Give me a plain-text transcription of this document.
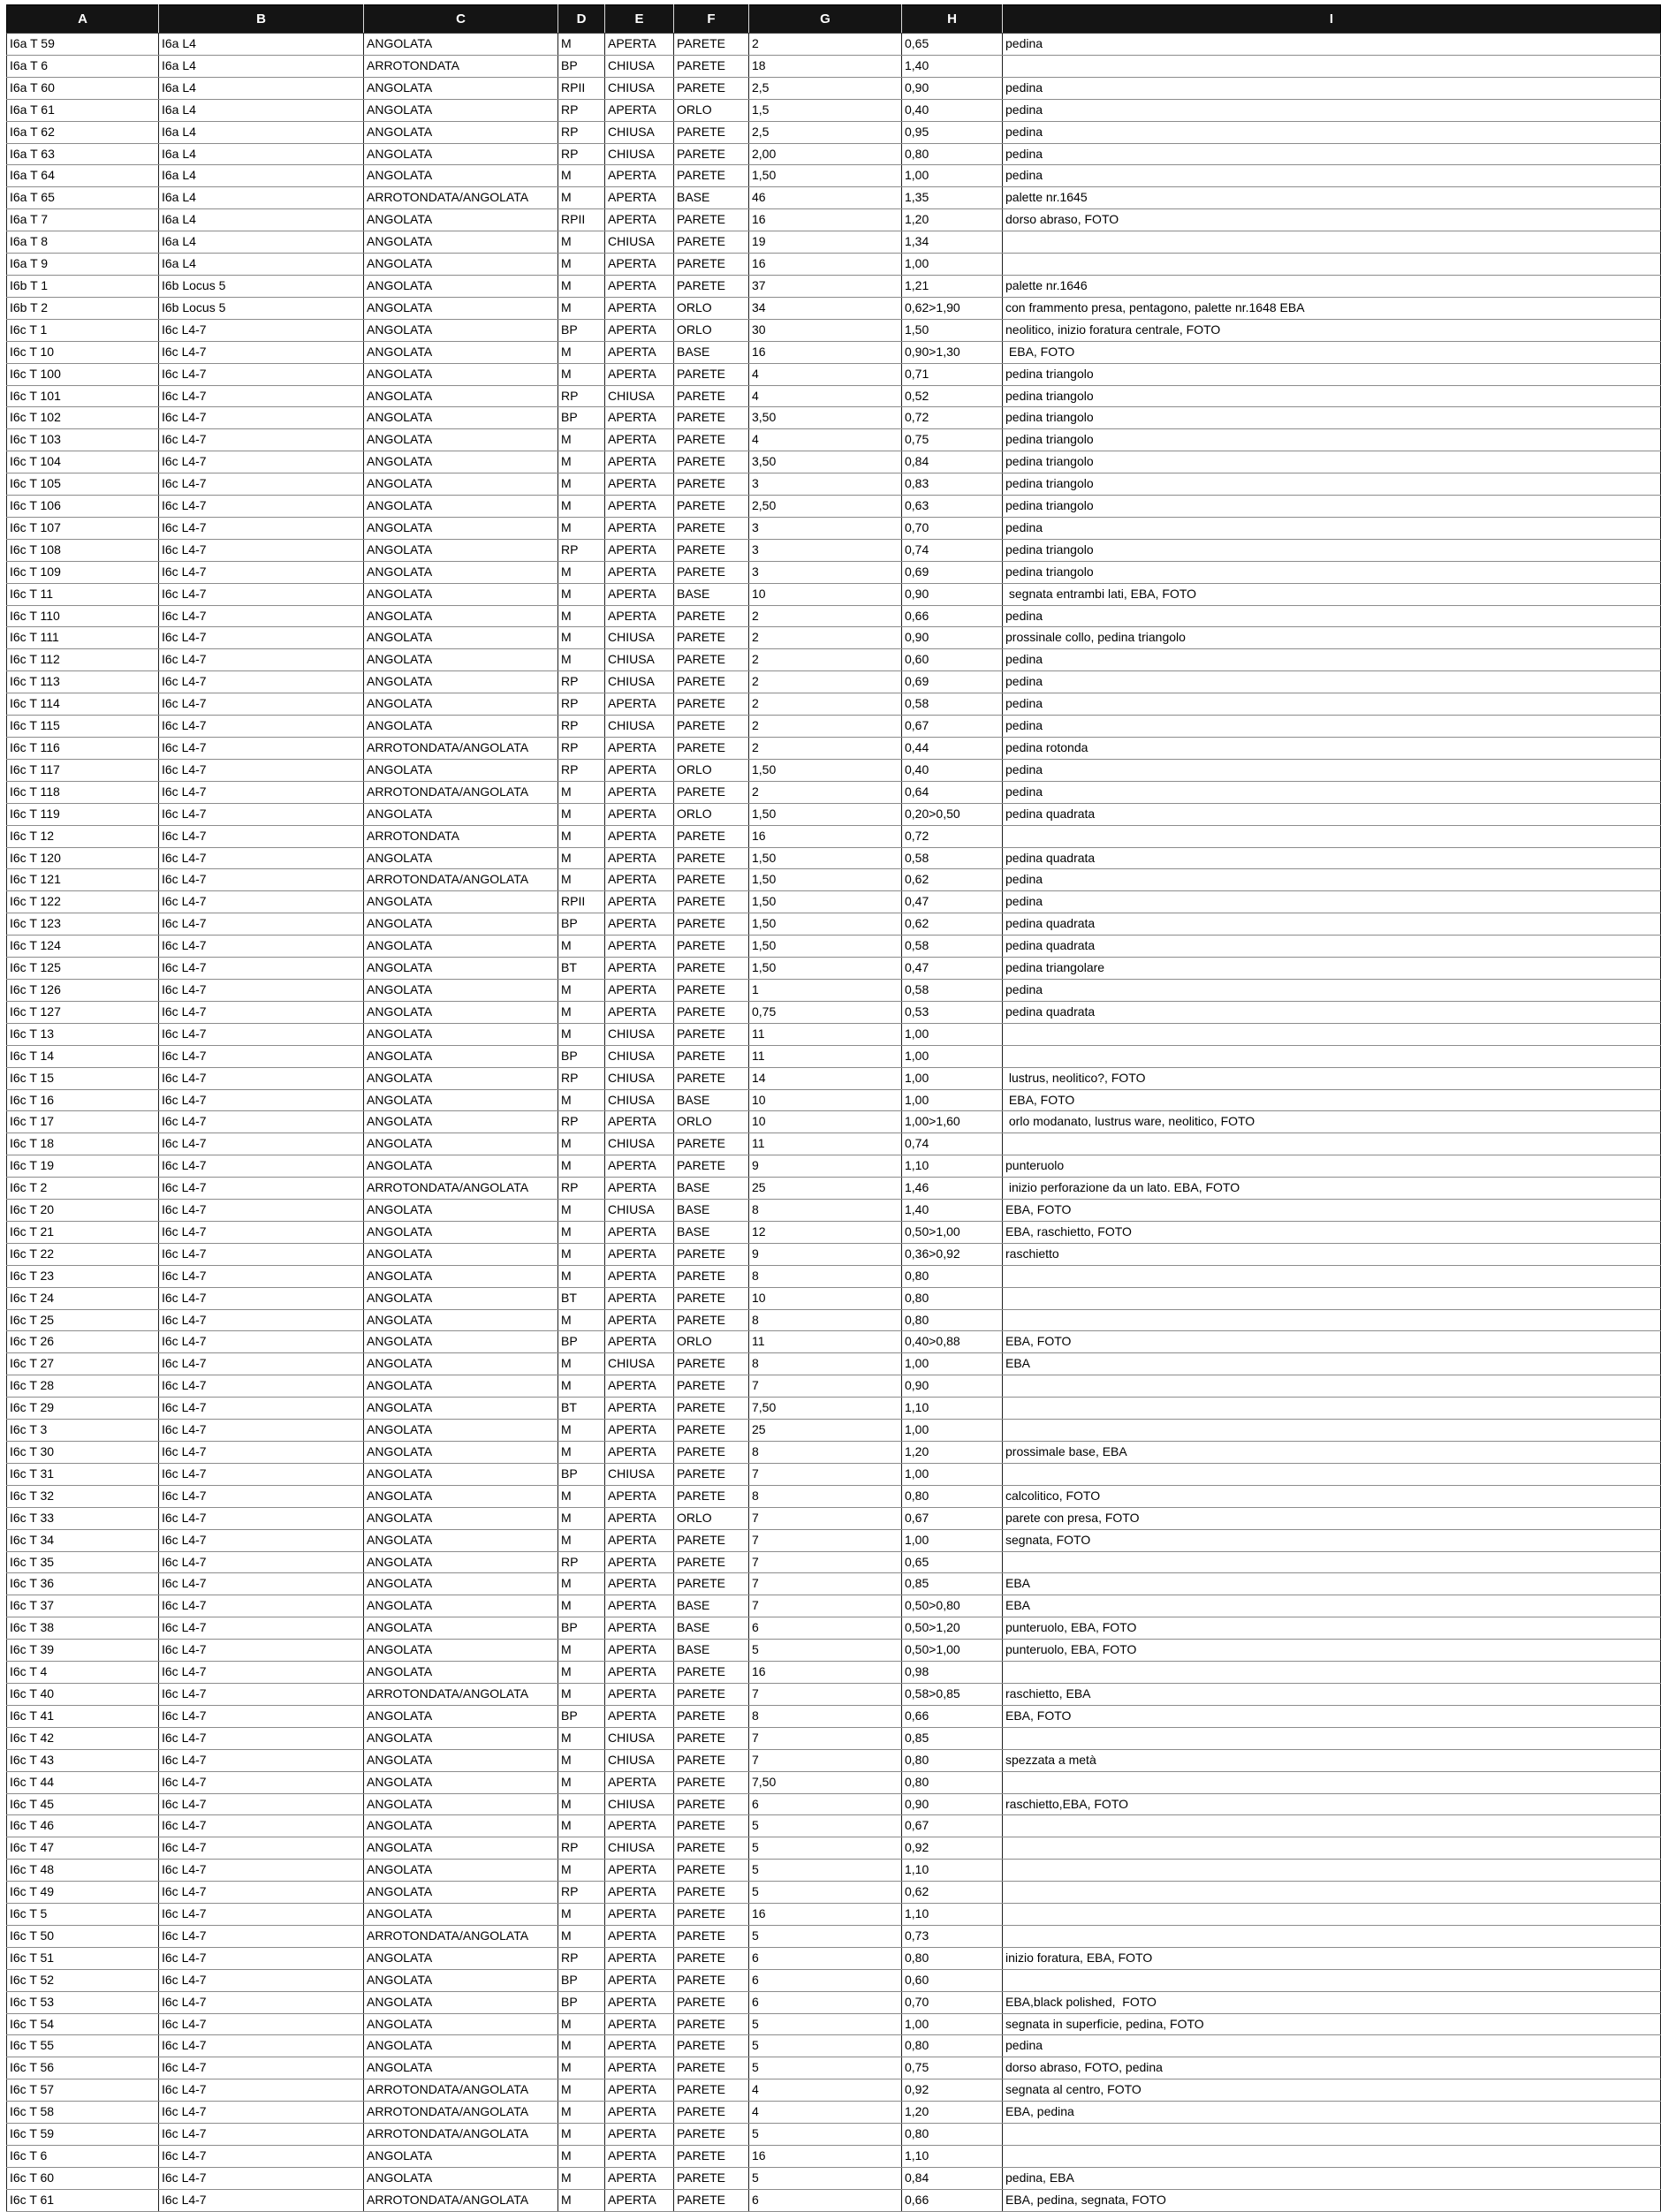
A	B	C	D	E	F	G	H	I
I6a T 59	I6a L4	ANGOLATA	M	APERTA	PARETE	2	0,65	pedina
I6a T 6	I6a L4	ARROTONDATA	BP	CHIUSA	PARETE	18	1,40	
I6a T 60	I6a L4	ANGOLATA	RPII	CHIUSA	PARETE	2,5	0,90	pedina
I6a T 61	I6a L4	ANGOLATA	RP	APERTA	ORLO	1,5	0,40	pedina
I6a T 62	I6a L4	ANGOLATA	RP	CHIUSA	PARETE	2,5	0,95	pedina
I6a T 63	I6a L4	ANGOLATA	RP	CHIUSA	PARETE	2,00	0,80	pedina
I6a T 64	I6a L4	ANGOLATA	M	APERTA	PARETE	1,50	1,00	pedina
I6a T 65	I6a L4	ARROTONDATA/ANGOLATA	M	APERTA	BASE	46	1,35	palette nr.1645
I6a T 7	I6a L4	ANGOLATA	RPII	APERTA	PARETE	16	1,20	dorso abraso, FOTO
I6a T 8	I6a L4	ANGOLATA	M	CHIUSA	PARETE	19	1,34	
I6a T 9	I6a L4	ANGOLATA	M	APERTA	PARETE	16	1,00	
I6b T 1	I6b Locus 5	ANGOLATA	M	APERTA	PARETE	37	1,21	palette nr.1646
I6b T 2	I6b Locus 5	ANGOLATA	M	APERTA	ORLO	34	0,62>1,90	con frammento presa, pentagono, palette nr.1648 EBA
I6c T 1	I6c L4-7	ANGOLATA	BP	APERTA	ORLO	30	1,50	neolitico, inizio foratura centrale, FOTO
I6c T 10	I6c L4-7	ANGOLATA	M	APERTA	BASE	16	0,90>1,30	EBA, FOTO
I6c T 100	I6c L4-7	ANGOLATA	M	APERTA	PARETE	4	0,71	pedina triangolo
I6c T 101	I6c L4-7	ANGOLATA	RP	CHIUSA	PARETE	4	0,52	pedina triangolo
I6c T 102	I6c L4-7	ANGOLATA	BP	APERTA	PARETE	3,50	0,72	pedina triangolo
I6c T 103	I6c L4-7	ANGOLATA	M	APERTA	PARETE	4	0,75	pedina triangolo
I6c T 104	I6c L4-7	ANGOLATA	M	APERTA	PARETE	3,50	0,84	pedina triangolo
I6c T 105	I6c L4-7	ANGOLATA	M	APERTA	PARETE	3	0,83	pedina triangolo
I6c T 106	I6c L4-7	ANGOLATA	M	APERTA	PARETE	2,50	0,63	pedina triangolo
I6c T 107	I6c L4-7	ANGOLATA	M	APERTA	PARETE	3	0,70	pedina
I6c T 108	I6c L4-7	ANGOLATA	RP	APERTA	PARETE	3	0,74	pedina triangolo
I6c T 109	I6c L4-7	ANGOLATA	M	APERTA	PARETE	3	0,69	pedina triangolo
I6c T 11	I6c L4-7	ANGOLATA	M	APERTA	BASE	10	0,90	segnata entrambi lati, EBA, FOTO
I6c T 110	I6c L4-7	ANGOLATA	M	APERTA	PARETE	2	0,66	pedina
I6c T 111	I6c L4-7	ANGOLATA	M	CHIUSA	PARETE	2	0,90	prossinale collo, pedina triangolo
I6c T 112	I6c L4-7	ANGOLATA	M	CHIUSA	PARETE	2	0,60	pedina
I6c T 113	I6c L4-7	ANGOLATA	RP	CHIUSA	PARETE	2	0,69	pedina
I6c T 114	I6c L4-7	ANGOLATA	RP	APERTA	PARETE	2	0,58	pedina
I6c T 115	I6c L4-7	ANGOLATA	RP	CHIUSA	PARETE	2	0,67	pedina
I6c T 116	I6c L4-7	ARROTONDATA/ANGOLATA	RP	APERTA	PARETE	2	0,44	pedina rotonda
I6c T 117	I6c L4-7	ANGOLATA	RP	APERTA	ORLO	1,50	0,40	pedina
I6c T 118	I6c L4-7	ARROTONDATA/ANGOLATA	M	APERTA	PARETE	2	0,64	pedina
I6c T 119	I6c L4-7	ANGOLATA	M	APERTA	ORLO	1,50	0,20>0,50	pedina quadrata
I6c T 12	I6c L4-7	ARROTONDATA	M	APERTA	PARETE	16	0,72	
I6c T 120	I6c L4-7	ANGOLATA	M	APERTA	PARETE	1,50	0,58	pedina quadrata
I6c T 121	I6c L4-7	ARROTONDATA/ANGOLATA	M	APERTA	PARETE	1,50	0,62	pedina
I6c T 122	I6c L4-7	ANGOLATA	RPII	APERTA	PARETE	1,50	0,47	pedina
I6c T 123	I6c L4-7	ANGOLATA	BP	APERTA	PARETE	1,50	0,62	pedina quadrata
I6c T 124	I6c L4-7	ANGOLATA	M	APERTA	PARETE	1,50	0,58	pedina quadrata
I6c T 125	I6c L4-7	ANGOLATA	BT	APERTA	PARETE	1,50	0,47	pedina triangolare
I6c T 126	I6c L4-7	ANGOLATA	M	APERTA	PARETE	1	0,58	pedina
I6c T 127	I6c L4-7	ANGOLATA	M	APERTA	PARETE	0,75	0,53	pedina quadrata
I6c T 13	I6c L4-7	ANGOLATA	M	CHIUSA	PARETE	11	1,00	
I6c T 14	I6c L4-7	ANGOLATA	BP	CHIUSA	PARETE	11	1,00	
I6c T 15	I6c L4-7	ANGOLATA	RP	CHIUSA	PARETE	14	1,00	lustrus, neolitico?, FOTO
I6c T 16	I6c L4-7	ANGOLATA	M	CHIUSA	BASE	10	1,00	EBA, FOTO
I6c T 17	I6c L4-7	ANGOLATA	RP	APERTA	ORLO	10	1,00>1,60	orlo modanato, lustrus ware, neolitico, FOTO
I6c T 18	I6c L4-7	ANGOLATA	M	CHIUSA	PARETE	11	0,74	
I6c T 19	I6c L4-7	ANGOLATA	M	APERTA	PARETE	9	1,10	punteruolo
I6c T 2	I6c L4-7	ARROTONDATA/ANGOLATA	RP	APERTA	BASE	25	1,46	inizio perforazione da un lato. EBA, FOTO
I6c T 20	I6c L4-7	ANGOLATA	M	CHIUSA	BASE	8	1,40	EBA, FOTO
I6c T 21	I6c L4-7	ANGOLATA	M	APERTA	BASE	12	0,50>1,00	EBA, raschietto, FOTO
I6c T 22	I6c L4-7	ANGOLATA	M	APERTA	PARETE	9	0,36>0,92	raschietto
I6c T 23	I6c L4-7	ANGOLATA	M	APERTA	PARETE	8	0,80	
I6c T 24	I6c L4-7	ANGOLATA	BT	APERTA	PARETE	10	0,80	
I6c T 25	I6c L4-7	ANGOLATA	M	APERTA	PARETE	8	0,80	
I6c T 26	I6c L4-7	ANGOLATA	BP	APERTA	ORLO	11	0,40>0,88	EBA, FOTO
I6c T 27	I6c L4-7	ANGOLATA	M	CHIUSA	PARETE	8	1,00	EBA
I6c T 28	I6c L4-7	ANGOLATA	M	APERTA	PARETE	7	0,90	
I6c T 29	I6c L4-7	ANGOLATA	BT	APERTA	PARETE	7,50	1,10	
I6c T 3	I6c L4-7	ANGOLATA	M	APERTA	PARETE	25	1,00	
I6c T 30	I6c L4-7	ANGOLATA	M	APERTA	PARETE	8	1,20	prossimale base, EBA
I6c T 31	I6c L4-7	ANGOLATA	BP	CHIUSA	PARETE	7	1,00	
I6c T 32	I6c L4-7	ANGOLATA	M	APERTA	PARETE	8	0,80	calcolitico, FOTO
I6c T 33	I6c L4-7	ANGOLATA	M	APERTA	ORLO	7	0,67	parete con presa, FOTO
I6c T 34	I6c L4-7	ANGOLATA	M	APERTA	PARETE	7	1,00	segnata, FOTO
I6c T 35	I6c L4-7	ANGOLATA	RP	APERTA	PARETE	7	0,65	
I6c T 36	I6c L4-7	ANGOLATA	M	APERTA	PARETE	7	0,85	EBA
I6c T 37	I6c L4-7	ANGOLATA	M	APERTA	BASE	7	0,50>0,80	EBA
I6c T 38	I6c L4-7	ANGOLATA	BP	APERTA	BASE	6	0,50>1,20	punteruolo, EBA, FOTO
I6c T 39	I6c L4-7	ANGOLATA	M	APERTA	BASE	5	0,50>1,00	punteruolo, EBA, FOTO
I6c T 4	I6c L4-7	ANGOLATA	M	APERTA	PARETE	16	0,98	
I6c T 40	I6c L4-7	ARROTONDATA/ANGOLATA	M	APERTA	PARETE	7	0,58>0,85	raschietto, EBA
I6c T 41	I6c L4-7	ANGOLATA	BP	APERTA	PARETE	8	0,66	EBA, FOTO
I6c T 42	I6c L4-7	ANGOLATA	M	CHIUSA	PARETE	7	0,85	
I6c T 43	I6c L4-7	ANGOLATA	M	CHIUSA	PARETE	7	0,80	spezzata a metà
I6c T 44	I6c L4-7	ANGOLATA	M	APERTA	PARETE	7,50	0,80	
I6c T 45	I6c L4-7	ANGOLATA	M	CHIUSA	PARETE	6	0,90	raschietto,EBA, FOTO
I6c T 46	I6c L4-7	ANGOLATA	M	APERTA	PARETE	5	0,67	
I6c T 47	I6c L4-7	ANGOLATA	RP	CHIUSA	PARETE	5	0,92	
I6c T 48	I6c L4-7	ANGOLATA	M	APERTA	PARETE	5	1,10	
I6c T 49	I6c L4-7	ANGOLATA	RP	APERTA	PARETE	5	0,62	
I6c T 5	I6c L4-7	ANGOLATA	M	APERTA	PARETE	16	1,10	
I6c T 50	I6c L4-7	ARROTONDATA/ANGOLATA	M	APERTA	PARETE	5	0,73	
I6c T 51	I6c L4-7	ANGOLATA	RP	APERTA	PARETE	6	0,80	inizio foratura, EBA, FOTO
I6c T 52	I6c L4-7	ANGOLATA	BP	APERTA	PARETE	6	0,60	
I6c T 53	I6c L4-7	ANGOLATA	BP	APERTA	PARETE	6	0,70	EBA,black polished,  FOTO
I6c T 54	I6c L4-7	ANGOLATA	M	APERTA	PARETE	5	1,00	segnata in superficie, pedina, FOTO
I6c T 55	I6c L4-7	ANGOLATA	M	APERTA	PARETE	5	0,80	pedina
I6c T 56	I6c L4-7	ANGOLATA	M	APERTA	PARETE	5	0,75	dorso abraso, FOTO, pedina
I6c T 57	I6c L4-7	ARROTONDATA/ANGOLATA	M	APERTA	PARETE	4	0,92	segnata al centro, FOTO
I6c T 58	I6c L4-7	ARROTONDATA/ANGOLATA	M	APERTA	PARETE	4	1,20	EBA, pedina
I6c T 59	I6c L4-7	ARROTONDATA/ANGOLATA	M	APERTA	PARETE	5	0,80	
I6c T 6	I6c L4-7	ANGOLATA	M	APERTA	PARETE	16	1,10	
I6c T 60	I6c L4-7	ANGOLATA	M	APERTA	PARETE	5	0,84	pedina, EBA
I6c T 61	I6c L4-7	ARROTONDATA/ANGOLATA	M	APERTA	PARETE	6	0,66	EBA, pedina, segnata, FOTO
